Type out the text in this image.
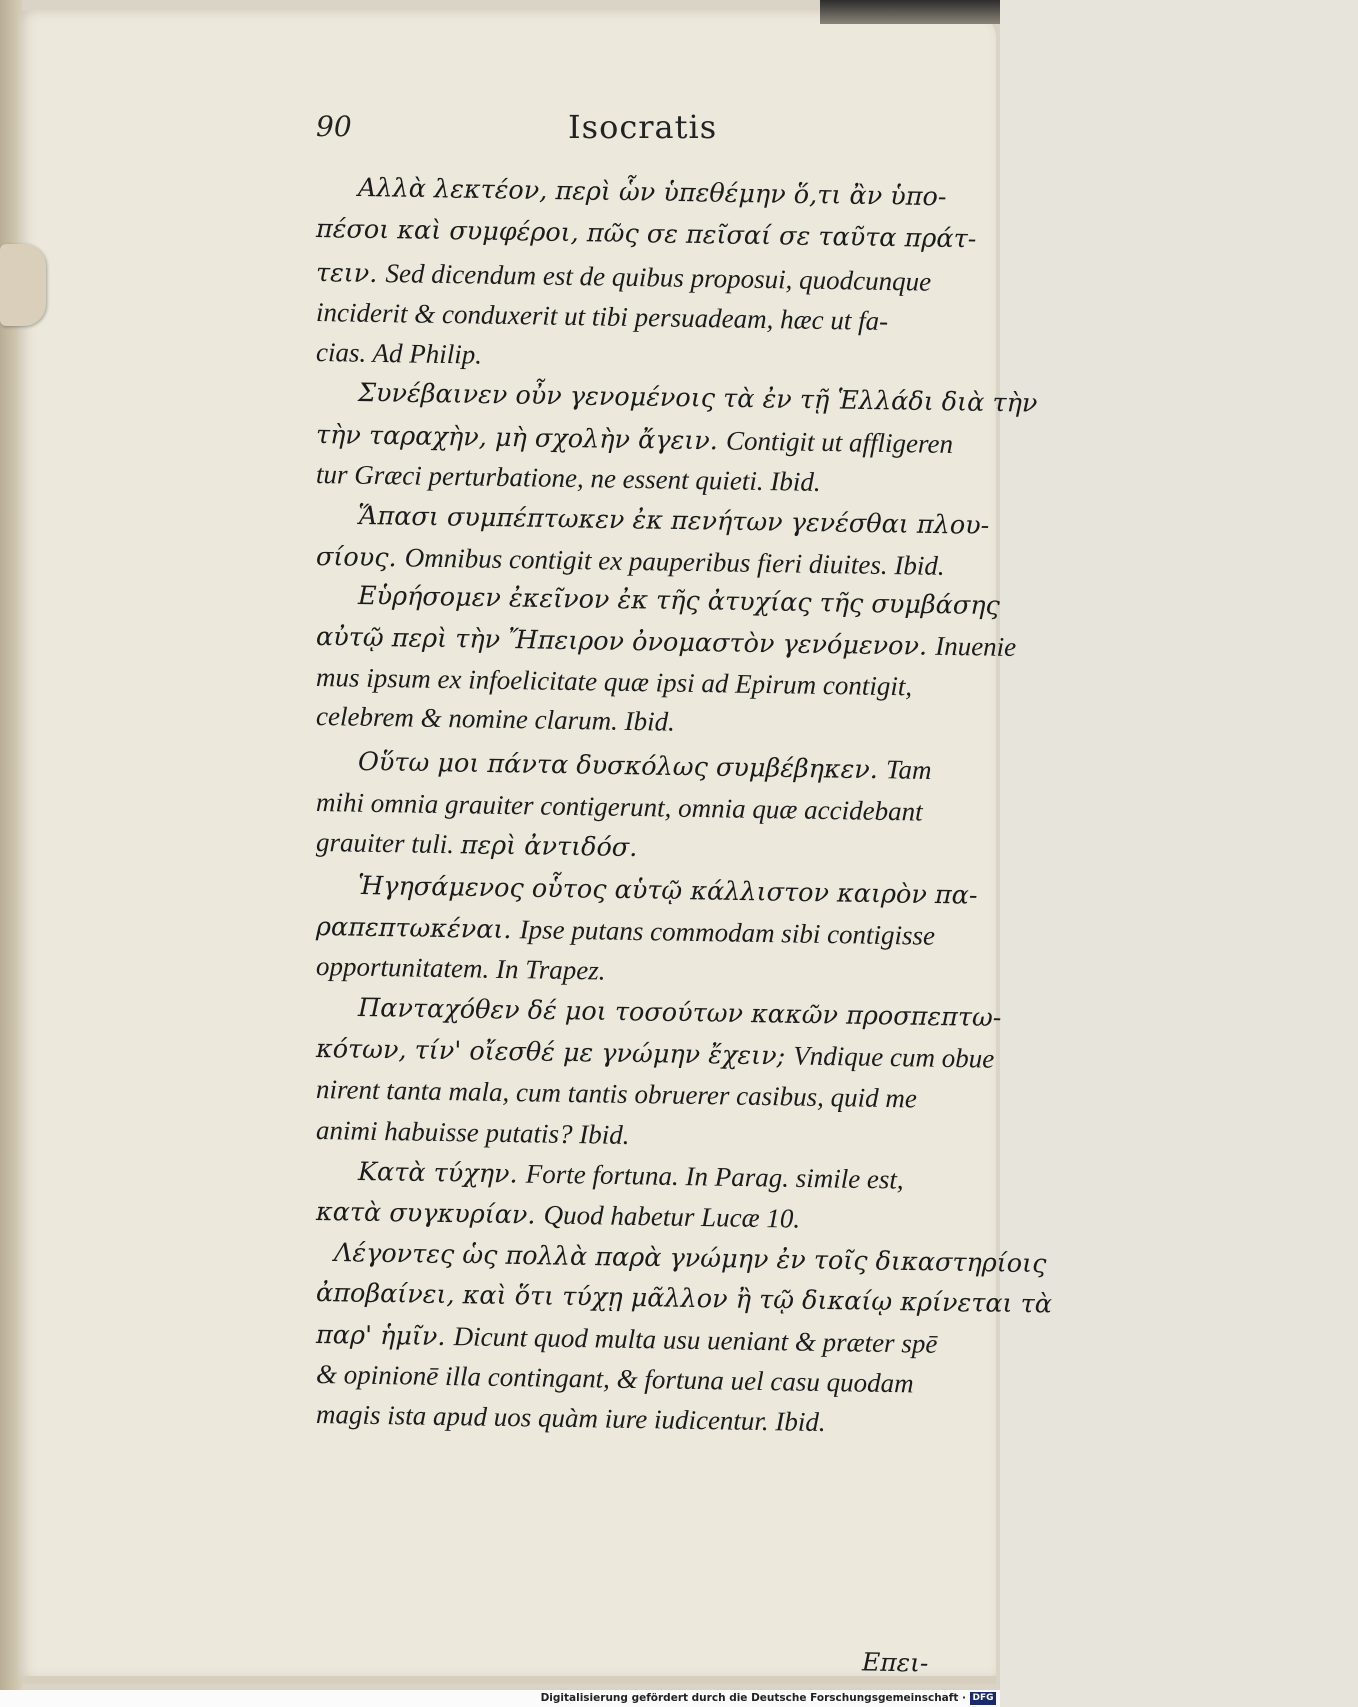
90	Isocratis
Αλλὰ λεκτέον, περὶ ὧν ὑπεθέμην ὅ,τι ἂν ὑπο-
πέσοι καὶ συμφέροι, πῶς σε πεῖσαί σε ταῦτα πράτ-
τειν. Sed dicendum est de quibus proposui, quodcunque
inciderit & conduxerit ut tibi persuadeam, hæc ut fa-
cias. Ad Philip.
Συνέβαινεν οὖν γενομένοις τὰ ἐν τῇ Ἑλλάδι διὰ τὴν
τὴν ταραχὴν, μὴ σχολὴν ἄγειν. Contigit ut affligeren
tur Græci perturbatione, ne essent quieti. Ibid.
Ἅπασι συμπέπτωκεν ἐκ πενήτων γενέσθαι πλου-
σίους. Omnibus contigit ex pauperibus fieri diuites. Ibid.
Εὑρήσομεν ἐκεῖνον ἐκ τῆς ἀτυχίας τῆς συμβάσης
αὐτῷ περὶ τὴν Ἤπειρον ὀνομαστὸν γενόμενον. Inuenie
mus ipsum ex infoelicitate quæ ipsi ad Epirum contigit,
celebrem & nomine clarum. Ibid.
Οὕτω μοι πάντα δυσκόλως συμβέβηκεν. Tam
mihi omnia grauiter contigerunt, omnia quæ accidebant
grauiter tuli. περὶ ἀντιδόσ.
Ἡγησάμενος οὗτος αὑτῷ κάλλιστον καιρὸν πα-
ραπεπτωκέναι. Ipse putans commodam sibi contigisse
opportunitatem. In Trapez.
Πανταχόθεν δέ μοι τοσούτων κακῶν προσπεπτω-
κότων, τίν' οἴεσθέ με γνώμην ἔχειν; Vndique cum obue
nirent tanta mala, cum tantis obruerer casibus, quid me
animi habuisse putatis? Ibid.
Κατὰ τύχην. Forte fortuna. In Parag. simile est,
κατὰ συγκυρίαν. Quod habetur Lucæ 10.
Λέγοντες ὡς πολλὰ παρὰ γνώμην ἐν τοῖς δικαστηρίοις
ἀποβαίνει, καὶ ὅτι τύχῃ μᾶλλον ἢ τῷ δικαίῳ κρίνεται τὰ
παρ' ἡμῖν. Dicunt quod multa usu ueniant & præter spē
& opinionē illa contingant, & fortuna uel casu quodam
magis ista apud uos quàm iure iudicentur. Ibid.
Επει-
Digitalisierung gefördert durch die Deutsche Forschungsgemeinschaft · DFG
